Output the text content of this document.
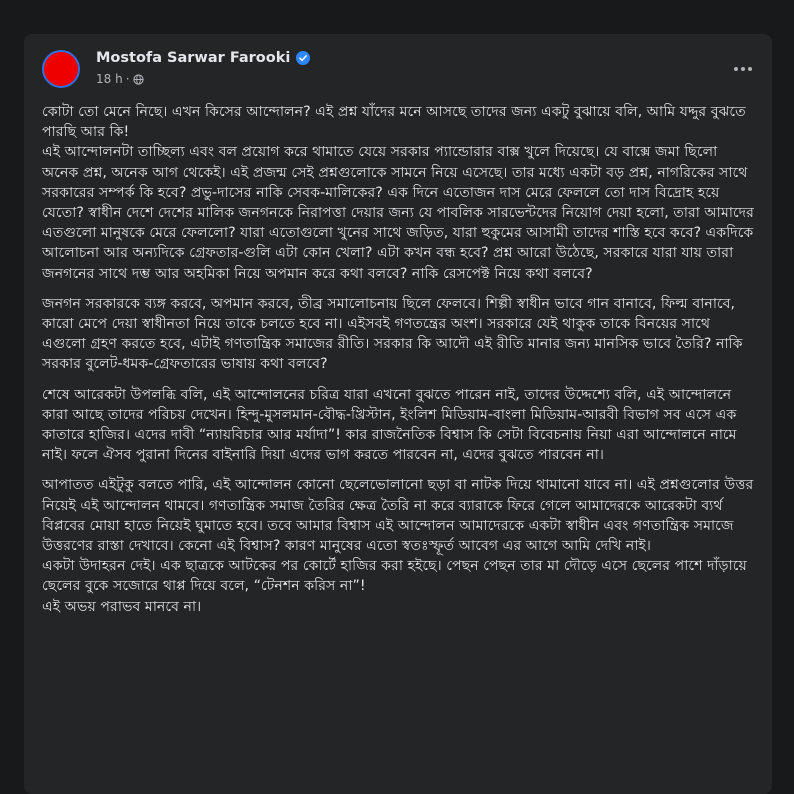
Mostofa Sarwar Farooki
18 h ·
কোটা তো মেনে নিছে। এখন কিসের আন্দোলন? এই প্রশ্ন যাঁদের মনে আসছে তাদের জন্য একটু বুঝায়ে বলি, আমি যদ্দুর বুঝতে পারছি আর কি!
এই আন্দোলনটা তাচ্ছিল্য এবং বল প্রয়োগ করে থামাতে যেয়ে সরকার প্যান্ডোরার বাক্স খুলে দিয়েছে। যে বাক্সে জমা ছিলো অনেক প্রশ্ন, অনেক আগ থেকেই। এই প্রজন্ম সেই প্রশ্নগুলোকে সামনে নিয়ে এসেছে। তার মধ্যে একটা বড় প্রশ্ন, নাগরিকের সাথে সরকারের সম্পর্ক কি হবে? প্রভু-দাসের নাকি সেবক-মালিকের? এক দিনে এতোজন দাস মেরে ফেললে তো দাস বিদ্রোহ হয়ে যেতো? স্বাধীন দেশে দেশের মালিক জনগনকে নিরাপত্তা দেয়ার জন্য যে পাবলিক সারভেন্টদের নিয়োগ দেয়া হলো, তারা আমাদের এতগুলো মানুষকে মেরে ফেললো? যারা এতোগুলো খুনের সাথে জড়িত, যারা হুকুমের আসামী তাদের শাস্তি হবে কবে? একদিকে আলোচনা আর অন্যদিকে গ্রেফতার-গুলি এটা কোন খেলা? এটা কখন বন্ধ হবে? প্রশ্ন আরো উঠেছে, সরকারে যারা যায় তারা জনগনের সাথে দম্ভ আর অহমিকা নিয়ে অপমান করে কথা বলবে? নাকি রেসপেক্ট নিয়ে কথা বলবে?
জনগন সরকারকে ব্যঙ্গ করবে, অপমান করবে, তীব্র সমালোচনায় ছিলে ফেলবে। শিল্পী স্বাধীন ভাবে গান বানাবে, ফিল্ম বানাবে, কারো মেপে দেয়া স্বাধীনতা নিয়ে তাকে চলতে হবে না। এইসবই গণতন্ত্রের অংশ। সরকারে যেই থাকুক তাকে বিনয়ের সাথে এগুলো গ্রহণ করতে হবে, এটাই গণতান্ত্রিক সমাজের রীতি। সরকার কি আদৌ এই রীতি মানার জন্য মানসিক ভাবে তৈরি? নাকি সরকার বুলেট-ধমক-গ্রেফতারের ভাষায় কথা বলবে?
শেষে আরেকটা উপলব্ধি বলি, এই আন্দোলনের চরিত্র যারা এখনো বুঝতে পারেন নাই, তাদের উদ্দেশ্যে বলি, এই আন্দোলনে কারা আছে তাদের পরিচয় দেখেন। হিন্দু-মুসলমান-বৌদ্ধ-খ্রিস্টান, ইংলিশ মিডিয়াম-বাংলা মিডিয়াম-আরবী বিভাগ সব এসে এক কাতারে হাজির। এদের দাবী “ন্যায়বিচার আর মর্যাদা”! কার রাজনৈতিক বিশ্বাস কি সেটা বিবেচনায় নিয়া এরা আন্দোলনে নামে নাই। ফলে ঐসব পুরানা দিনের বাইনারি দিয়া এদের ভাগ করতে পারবেন না, এদের বুঝতে পারবেন না।
আপাতত এইটুকু বলতে পারি, এই আন্দোলন কোনো ছেলেভোলানো ছড়া বা নাটক দিয়ে থামানো যাবে না। এই প্রশ্নগুলোর উত্তর নিয়েই এই আন্দোলন থামবে। গণতান্ত্রিক সমাজ তৈরির ক্ষেত্র তৈরি না করে ব্যারাকে ফিরে গেলে আমাদেরকে আরেকটা ব্যর্থ বিপ্লবের মোয়া হাতে নিয়েই ঘুমাতে হবে। তবে আমার বিশ্বাস এই আন্দোলন আমাদেরকে একটা স্বাধীন এবং গণতান্ত্রিক সমাজে উত্তরণের রাস্তা দেখাবে। কেনো এই বিশ্বাস? কারণ মানুষের এতো স্বতঃস্ফূর্ত আবেগ এর আগে আমি দেখি নাই।
একটা উদাহরন দেই। এক ছাত্রকে আটকের পর কোর্টে হাজির করা হইছে। পেছন পেছন তার মা দৌড়ে এসে ছেলের পাশে দাঁড়ায়ে ছেলের বুকে সজোরে থাপ্প দিয়ে বলে, “টেনশন করিস না”!
এই অভয় পরাভব মানবে না।
